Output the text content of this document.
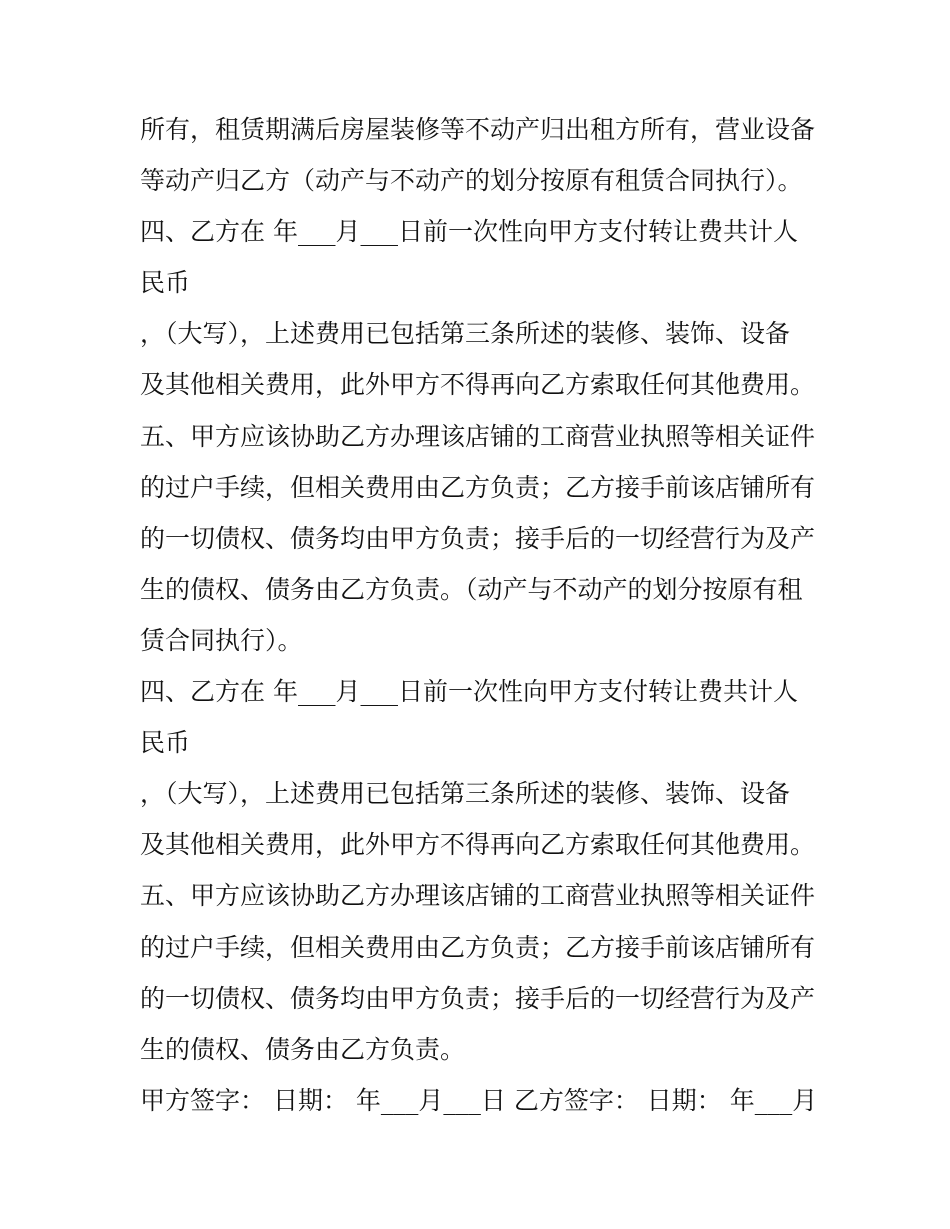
所有，租赁期满后房屋装修等不动产归出租方所有，营业设备
等动产归乙方（动产与不动产的划分按原有租赁合同执行）。
四、乙方在 年___月___日前一次性向甲方支付转让费共计人
民币
，（大写），上述费用已包括第三条所述的装修、装饰、设备
及其他相关费用，此外甲方不得再向乙方索取任何其他费用。
五、甲方应该协助乙方办理该店铺的工商营业执照等相关证件
的过户手续，但相关费用由乙方负责；乙方接手前该店铺所有
的一切债权、债务均由甲方负责；接手后的一切经营行为及产
生的债权、债务由乙方负责。（动产与不动产的划分按原有租
赁合同执行）。
四、乙方在 年___月___日前一次性向甲方支付转让费共计人
民币
，（大写），上述费用已包括第三条所述的装修、装饰、设备
及其他相关费用，此外甲方不得再向乙方索取任何其他费用。
五、甲方应该协助乙方办理该店铺的工商营业执照等相关证件
的过户手续，但相关费用由乙方负责；乙方接手前该店铺所有
的一切债权、债务均由甲方负责；接手后的一切经营行为及产
生的债权、债务由乙方负责。
甲方签字： 日期： 年___月___日 乙方签字： 日期： 年___月
